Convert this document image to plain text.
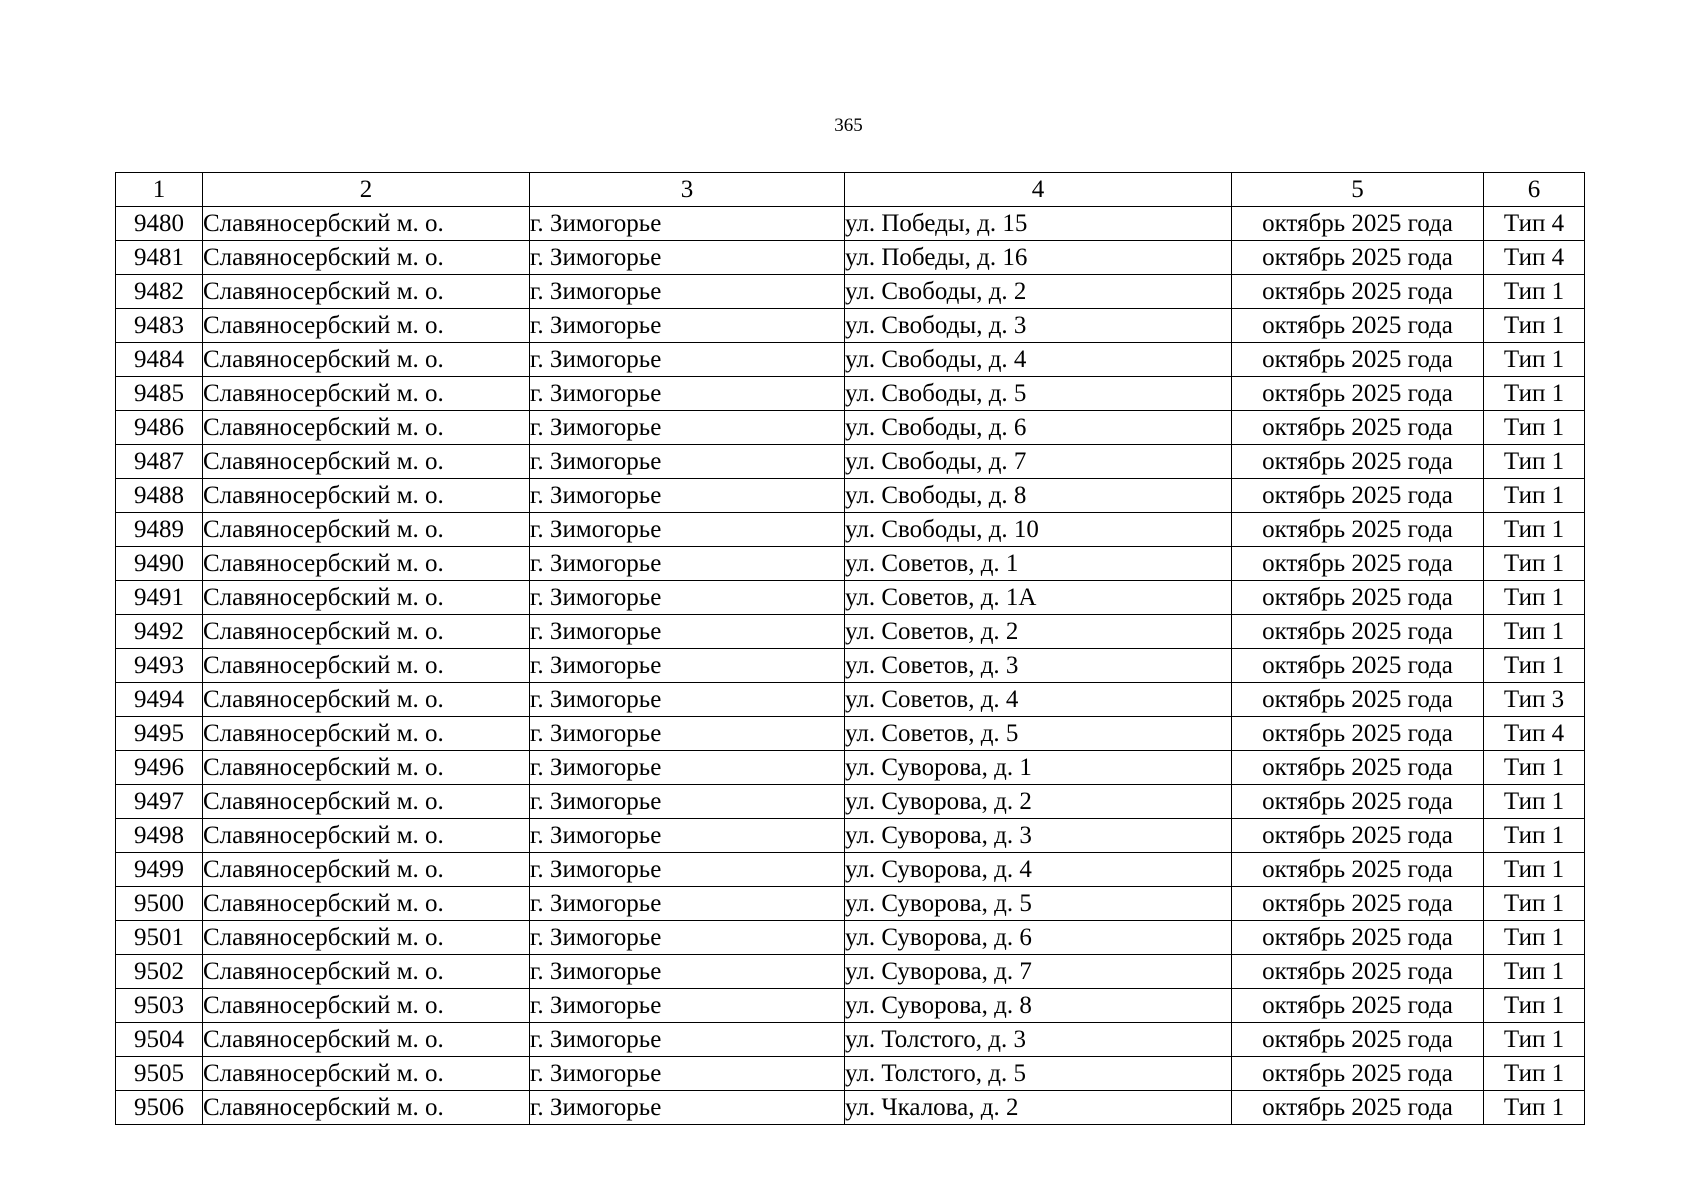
365
1	2	3	4	5	6
9480	Славяносербский м. о.	г. Зимогорье	ул. Победы, д. 15	октябрь 2025 года	Тип 4
9481	Славяносербский м. о.	г. Зимогорье	ул. Победы, д. 16	октябрь 2025 года	Тип 4
9482	Славяносербский м. о.	г. Зимогорье	ул. Свободы, д. 2	октябрь 2025 года	Тип 1
9483	Славяносербский м. о.	г. Зимогорье	ул. Свободы, д. 3	октябрь 2025 года	Тип 1
9484	Славяносербский м. о.	г. Зимогорье	ул. Свободы, д. 4	октябрь 2025 года	Тип 1
9485	Славяносербский м. о.	г. Зимогорье	ул. Свободы, д. 5	октябрь 2025 года	Тип 1
9486	Славяносербский м. о.	г. Зимогорье	ул. Свободы, д. 6	октябрь 2025 года	Тип 1
9487	Славяносербский м. о.	г. Зимогорье	ул. Свободы, д. 7	октябрь 2025 года	Тип 1
9488	Славяносербский м. о.	г. Зимогорье	ул. Свободы, д. 8	октябрь 2025 года	Тип 1
9489	Славяносербский м. о.	г. Зимогорье	ул. Свободы, д. 10	октябрь 2025 года	Тип 1
9490	Славяносербский м. о.	г. Зимогорье	ул. Советов, д. 1	октябрь 2025 года	Тип 1
9491	Славяносербский м. о.	г. Зимогорье	ул. Советов, д. 1А	октябрь 2025 года	Тип 1
9492	Славяносербский м. о.	г. Зимогорье	ул. Советов, д. 2	октябрь 2025 года	Тип 1
9493	Славяносербский м. о.	г. Зимогорье	ул. Советов, д. 3	октябрь 2025 года	Тип 1
9494	Славяносербский м. о.	г. Зимогорье	ул. Советов, д. 4	октябрь 2025 года	Тип 3
9495	Славяносербский м. о.	г. Зимогорье	ул. Советов, д. 5	октябрь 2025 года	Тип 4
9496	Славяносербский м. о.	г. Зимогорье	ул. Суворова, д. 1	октябрь 2025 года	Тип 1
9497	Славяносербский м. о.	г. Зимогорье	ул. Суворова, д. 2	октябрь 2025 года	Тип 1
9498	Славяносербский м. о.	г. Зимогорье	ул. Суворова, д. 3	октябрь 2025 года	Тип 1
9499	Славяносербский м. о.	г. Зимогорье	ул. Суворова, д. 4	октябрь 2025 года	Тип 1
9500	Славяносербский м. о.	г. Зимогорье	ул. Суворова, д. 5	октябрь 2025 года	Тип 1
9501	Славяносербский м. о.	г. Зимогорье	ул. Суворова, д. 6	октябрь 2025 года	Тип 1
9502	Славяносербский м. о.	г. Зимогорье	ул. Суворова, д. 7	октябрь 2025 года	Тип 1
9503	Славяносербский м. о.	г. Зимогорье	ул. Суворова, д. 8	октябрь 2025 года	Тип 1
9504	Славяносербский м. о.	г. Зимогорье	ул. Толстого, д. 3	октябрь 2025 года	Тип 1
9505	Славяносербский м. о.	г. Зимогорье	ул. Толстого, д. 5	октябрь 2025 года	Тип 1
9506	Славяносербский м. о.	г. Зимогорье	ул. Чкалова, д. 2	октябрь 2025 года	Тип 1
